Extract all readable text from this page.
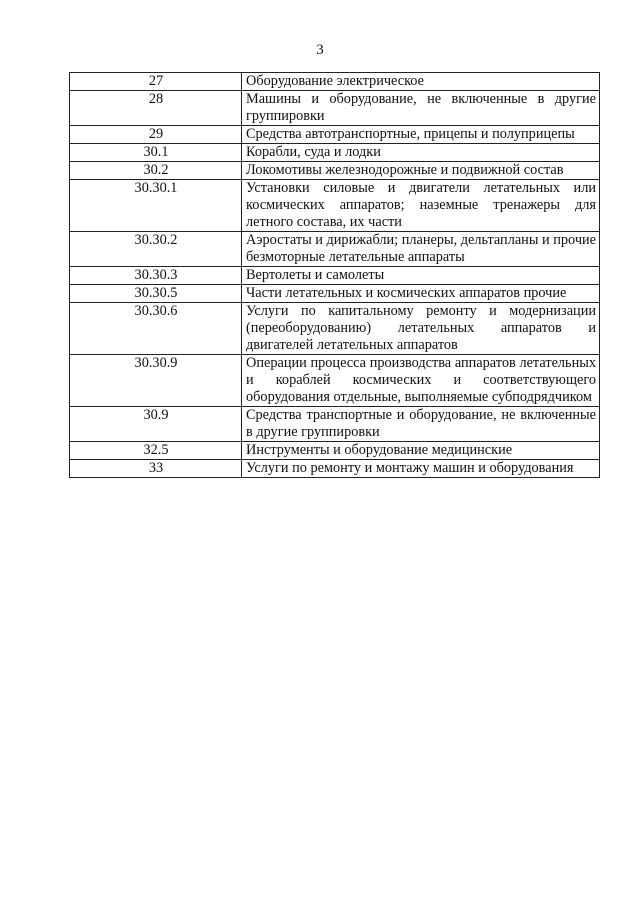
3
27	Оборудование электрическое
28	Машины и оборудование, не включенные в другие группировки
29	Средства автотранспортные, прицепы и полуприцепы
30.1	Корабли, суда и лодки
30.2	Локомотивы железнодорожные и подвижной состав
30.30.1	Установки силовые и двигатели летательных или космических аппаратов; наземные тренажеры для летного состава, их части
30.30.2	Аэростаты и дирижабли; планеры, дельтапланы и прочие безмоторные летательные аппараты
30.30.3	Вертолеты и самолеты
30.30.5	Части летательных и космических аппаратов прочие
30.30.6	Услуги по капитальному ремонту и модернизации (переоборудованию) летательных аппаратов и двигателей летательных аппаратов
30.30.9	Операции процесса производства аппаратов летательных и кораблей космических и соответствующего оборудования отдельные, выполняемые субподрядчиком
30.9	Средства транспортные и оборудование, не включенные в другие группировки
32.5	Инструменты и оборудование медицинские
33	Услуги по ремонту и монтажу машин и оборудования
